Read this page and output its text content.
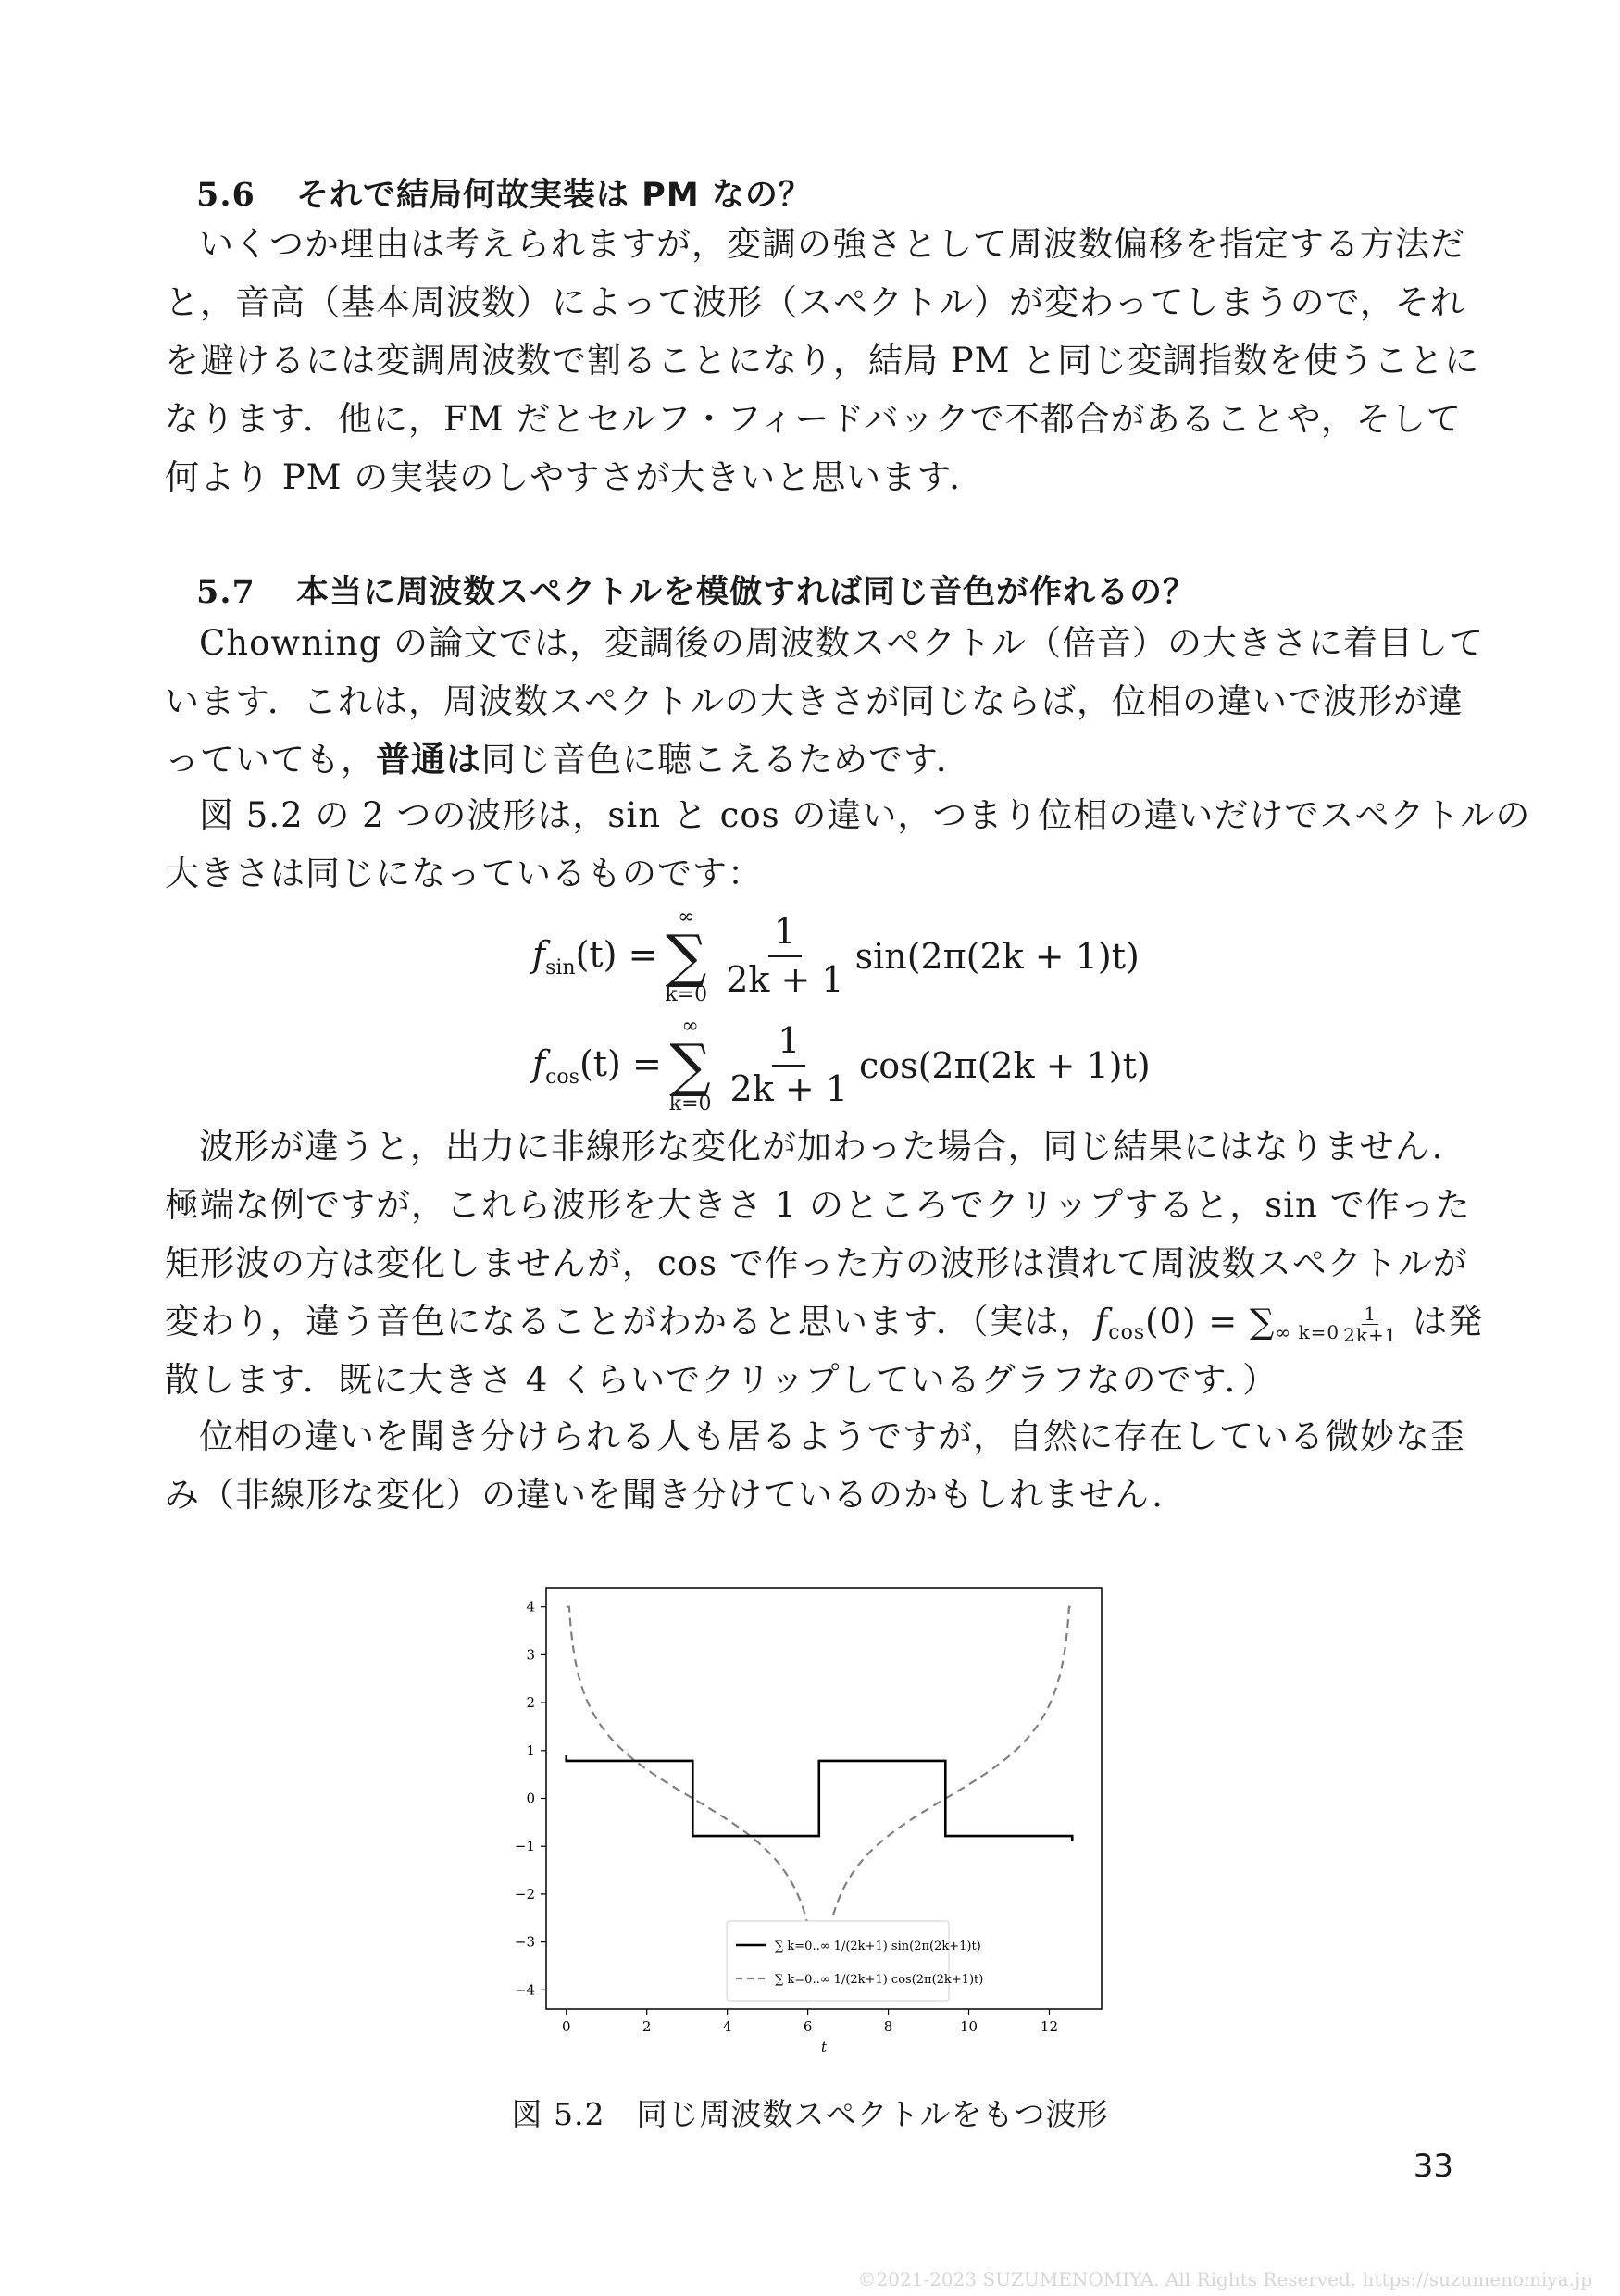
5.6 それで結局何故実装は PM なの？
いくつか理由は考えられますが，変調の強さとして周波数偏移を指定する方法だ
と，音高（基本周波数）によって波形（スペクトル）が変わってしまうので，それ
を避けるには変調周波数で割ることになり，結局 PM と同じ変調指数を使うことに
なります．他に，FM だとセルフ・フィードバックで不都合があることや，そして
何より PM の実装のしやすさが大きいと思います．
5.7 本当に周波数スペクトルを模倣すれば同じ音色が作れるの？
Chowning の論文では，変調後の周波数スペクトル（倍音）の大きさに着目して
います．これは，周波数スペクトルの大きさが同じならば，位相の違いで波形が違
っていても，普通は同じ音色に聴こえるためです．
図 5.2 の 2 つの波形は，sin と cos の違い，つまり位相の違いだけでスペクトルの
大きさは同じになっているものです：
$f_{sin}(t)$ =
∞
∑
$k=0 \frac{1}{2k + 1} \sin(2\pi(2k + 1)t)$
$f_{cos}(t)$ =
∞
∑
$k=0 \frac{1}{2k + 1} \cos(2\pi(2k + 1)t)$
波形が違うと，出力に非線形な変化が加わった場合，同じ結果にはなりません．
極端な例ですが，これら波形を大きさ 1 のところでクリップすると，sin で作った
矩形波の方は変化しませんが，cos で作った方の波形は潰れて周波数スペクトルが
変わり，違う音色になることがわかると思います．（実は，$f_{cos}(0) = \sum_{\infty k=0} \frac{1}{2k+1}$ は発
散します．既に大きさ 4 くらいでクリップしているグラフなのです．）
位相の違いを聞き分けられる人も居るようですが，自然に存在している微妙な歪
み（非線形な変化）の違いを聞き分けているのかもしれません．
0	2	4	6	8	10	12
4
3
2
1
0
−1
−2
−3
−4
t
∑ k=0..∞ 1/(2k+1) sin(2π(2k+1)t)
∑ k=0..∞ 1/(2k+1) cos(2π(2k+1)t)
図 5.2　同じ周波数スペクトルをもつ波形
33
©2021-2023 SUZUMENOMIYA. All Rights Reserved. https://suzumenomiya.jp
